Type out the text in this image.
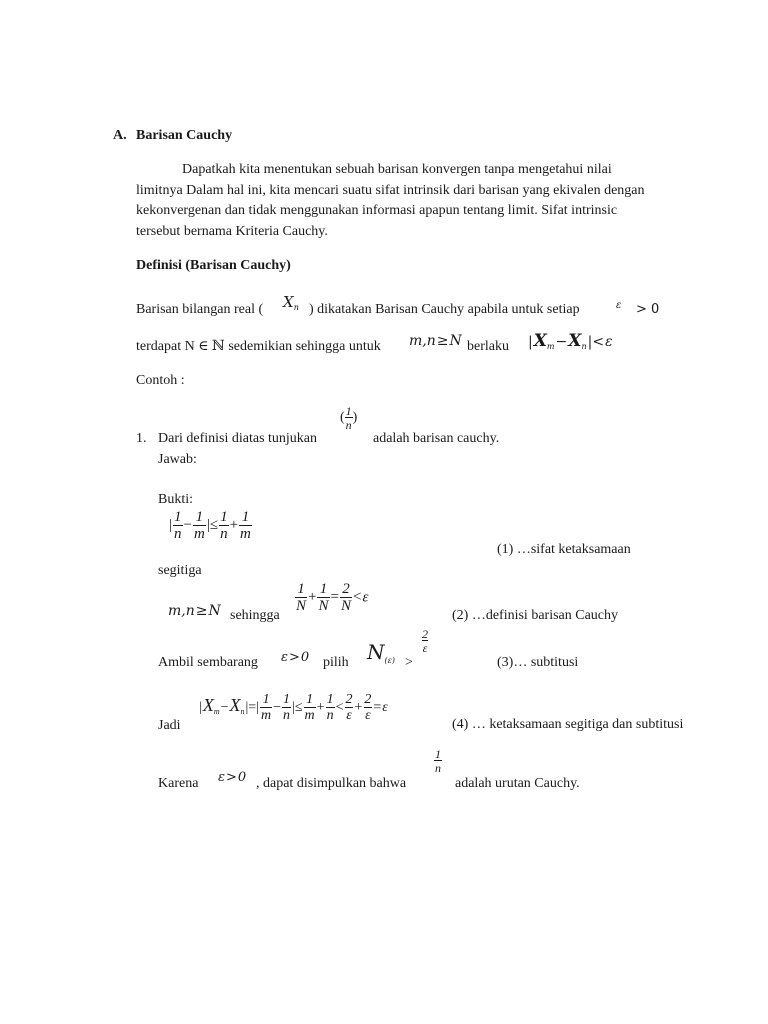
A. Barisan Cauchy
Dapatkah kita menentukan sebuah barisan konvergen tanpa mengetahui nilai limitnya Dalam hal ini, kita mencari suatu sifat intrinsik dari barisan yang ekivalen dengan kekonvergenan dan tidak menggunakan informasi apapun tentang limit. Sifat intrinsic tersebut bernama Kriteria Cauchy.
Definisi (Barisan Cauchy)
Barisan bilangan real ( $X_n$ ) dikatakan Barisan Cauchy apabila untuk setiap	ε > 0
terdapat N ∈ ℕ sedemikian sehingga untuk m,n≥N berlaku $|X_m-X_n|<\varepsilon$
Contoh :
1. Dari definisi diatas tunjukan
( $\frac{1}{n}$ )
adalah barisan cauchy.
Jawab:
Bukti:
| $\frac{1}{n} - \frac{1}{m}$ |≤ $\frac{1}{n} + \frac{1}{m}$
(1) …sifat ketaksamaan
segitiga
m,n≥N sehingga
$\frac{1}{N} + \frac{1}{N} = \frac{2}{N} <\varepsilon$
(2) …definisi barisan Cauchy
Ambil sembarang ε>0 pilih $N_{(\varepsilon)}$ >
$\frac{2}{\varepsilon}$
(3)… subtitusi
Jadi
$|X_m-X_n|=| \frac{1}{m} - \frac{1}{n}$ |≤ $\frac{1}{m} + \frac{1}{n} < \frac{2}{\varepsilon} + \frac{2}{\varepsilon} =\varepsilon$
(4) … ketaksamaan segitiga dan subtitusi
Karena ε>0 , dapat disimpulkan bahwa
$\frac{1}{n}$
adalah urutan Cauchy.
